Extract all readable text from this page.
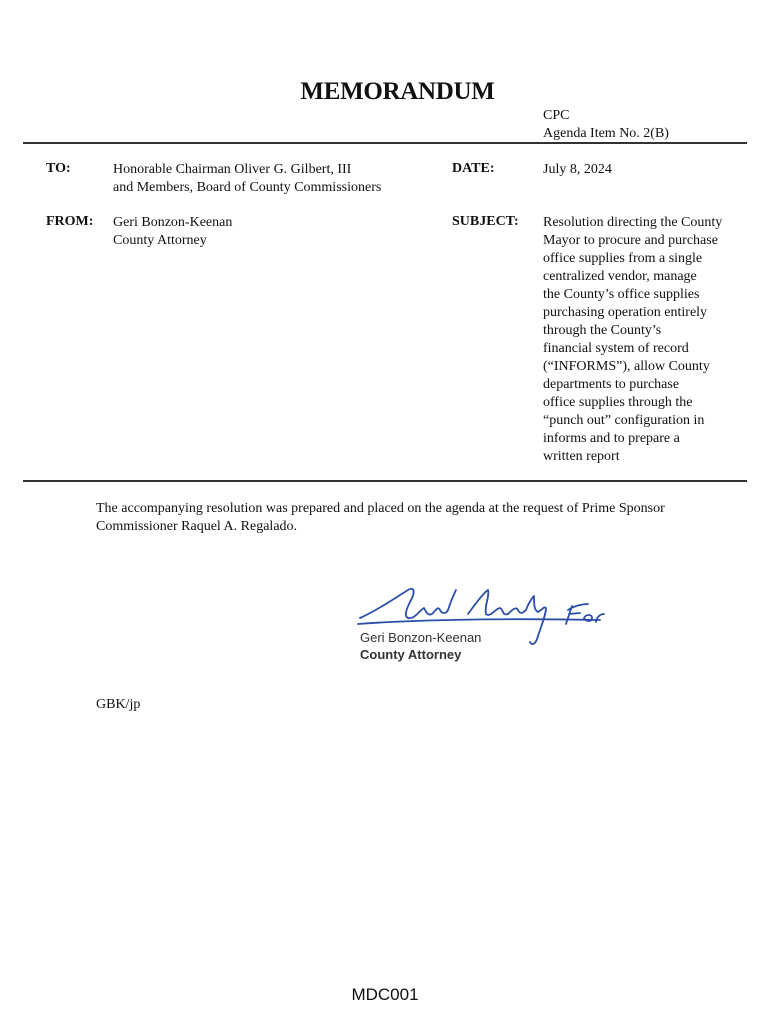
MEMORANDUM
CPC
Agenda Item No. 2(B)
TO:	Honorable Chairman Oliver G. Gilbert, III
and Members, Board of County Commissioners
DATE:	July 8, 2024
FROM: Geri Bonzon-Keenan
County Attorney
SUBJECT: Resolution directing the County
Mayor to procure and purchase
office supplies from a single
centralized vendor, manage
the County’s office supplies
purchasing operation entirely
through the County’s
financial system of record
(“INFORMS”), allow County
departments to purchase
office supplies through the
“punch out” configuration in
informs and to prepare a
written report
The accompanying resolution was prepared and placed on the agenda at the request of Prime Sponsor Commissioner Raquel A. Regalado.
Geri Bonzon-Keenan
County Attorney
GBK/jp
MDC001
